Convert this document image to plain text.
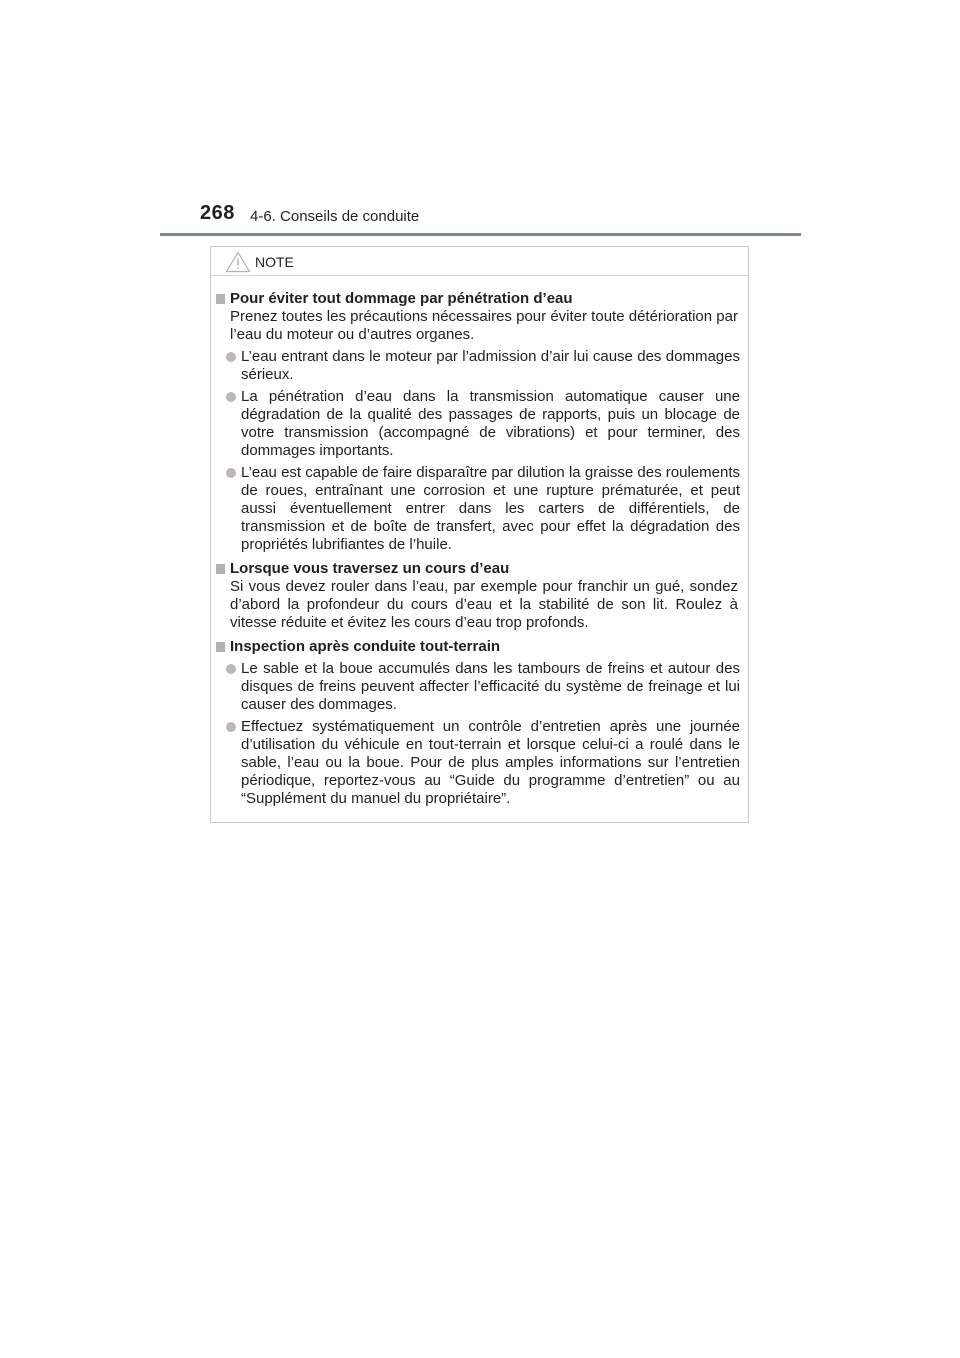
268 4-6. Conseils de conduite
NOTE
Pour éviter tout dommage par pénétration d’eau
Prenez toutes les précautions nécessaires pour éviter toute détérioration par l’eau du moteur ou d’autres organes.
L’eau entrant dans le moteur par l’admission d’air lui cause des dommages sérieux.
La pénétration d’eau dans la transmission automatique causer une dégradation de la qualité des passages de rapports, puis un blocage de votre transmission (accompagné de vibrations) et pour terminer, des dommages importants.
L’eau est capable de faire disparaître par dilution la graisse des roulements de roues, entraînant une corrosion et une rupture prématurée, et peut aussi éventuellement entrer dans les carters de différentiels, de transmission et de boîte de transfert, avec pour effet la dégradation des propriétés lubrifiantes de l’huile.
Lorsque vous traversez un cours d’eau
Si vous devez rouler dans l’eau, par exemple pour franchir un gué, sondez d’abord la profondeur du cours d’eau et la stabilité de son lit. Roulez à vitesse réduite et évitez les cours d’eau trop profonds.
Inspection après conduite tout-terrain
Le sable et la boue accumulés dans les tambours de freins et autour des disques de freins peuvent affecter l’efficacité du système de freinage et lui causer des dommages.
Effectuez systématiquement un contrôle d’entretien après une journée d’utilisation du véhicule en tout-terrain et lorsque celui-ci a roulé dans le sable, l’eau ou la boue. Pour de plus amples informations sur l’entretien périodique, reportez-vous au “Guide du programme d’entretien” ou au “Supplément du manuel du propriétaire”.
